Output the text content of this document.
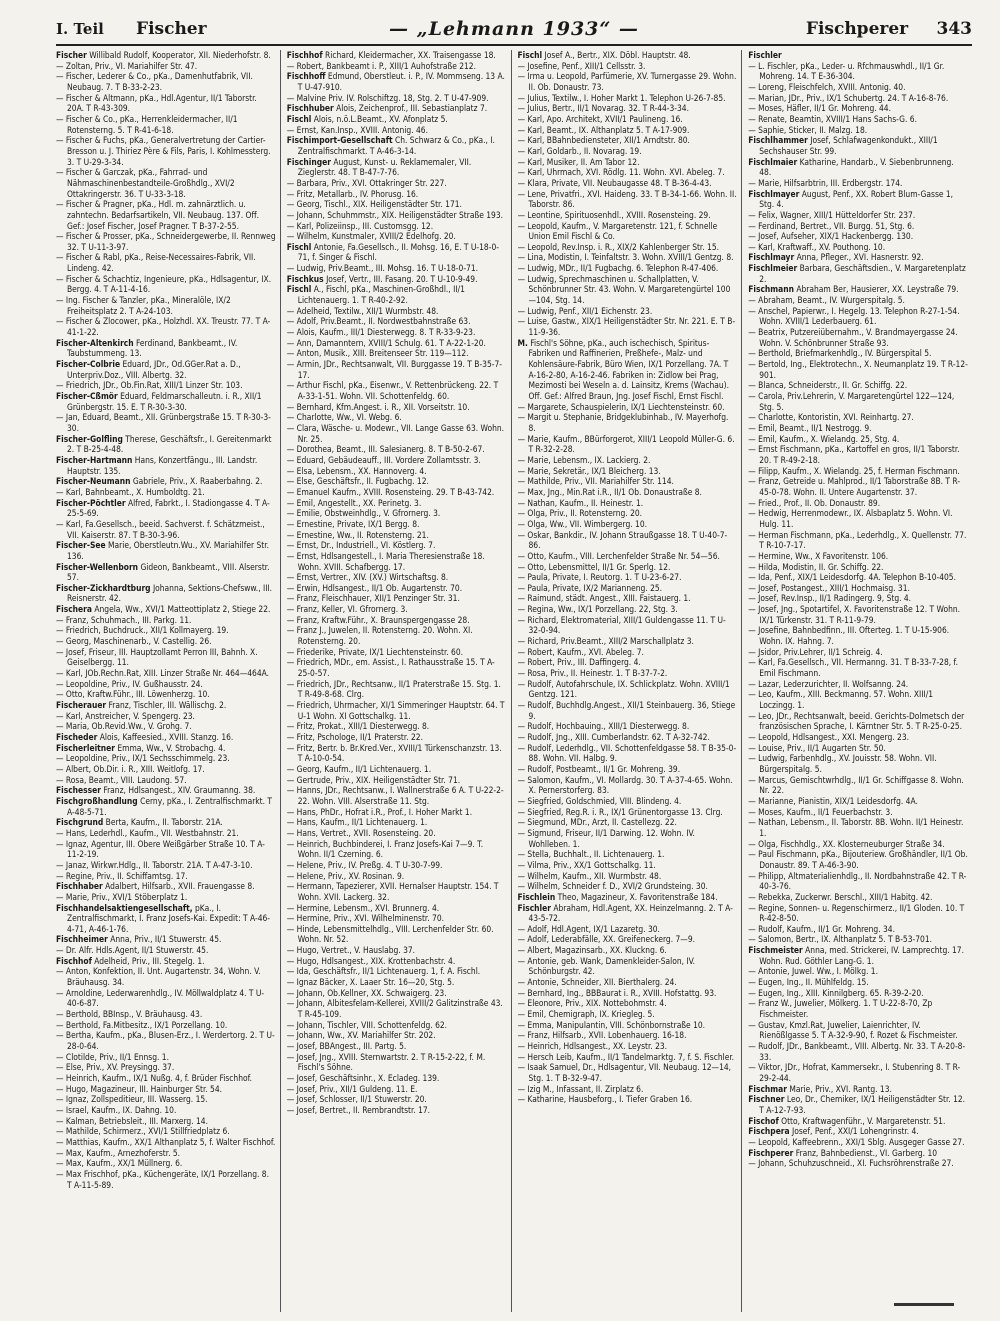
I. Teil	Fischer	— „Lehmann 1933“ —	Fischperer	343

Fischer Willibald Rudolf, Kooperator, XII. Niederhofstr. 8.

— Zoltan, Priv., VI. Mariahilfer Str. 47.

— Fischer, Lederer & Co., pKa., Damenhutfabrik, VII. Neubaug. 7. T B-33-2-23.

— Fischer & Altmann, pKa., Hdl.Agentur, II/1 Taborstr. 20A. T R-43-309.

— Fischer & Co., pKa., Herrenkleidermacher, II/1 Rotensterng. 5. T R-41-6-18.

— Fischer & Fuchs, pKa., Generalvertretung der Cartier-Bresson u. J. Thiriez Père & Fils, Paris, I. Kohlmessterg. 3. T U-29-3-34.

— Fischer & Garczak, pKa., Fahrrad- und Nähmaschinenbestandteile-Großhdlg., XVI/2 Ottakringerstr. 36. T U-33-3-18.

— Fischer & Pragner, pKa., Hdl. m. zahnärztlich. u. zahntechn. Bedarfsartikeln, VII. Neubaug. 137. Off. Gef.: Josef Fischer, Josef Pragner. T B-37-2-55.

— Fischer & Prosser, pKa., Schneidergewerbe, II. Rennweg 32. T U-11-3-97.

— Fischer & Rabl, pKa., Reise-Necessaires-Fabrik, VII. Lindeng. 42.

— Fischer & Schachtiz, Ingenieure, pKa., Hdlsagentur, IX. Bergg. 4. T A-11-4-16.

— Ing. Fischer & Tanzler, pKa., Mineralöle, IX/2 Freiheitsplatz 2. T A-24-103.

— Fischer & Zlocower, pKa., Holzhdl. XX. Treustr. 77. T A-41-1-22.

Fischer-Altenkirch Ferdinand, Bankbeamt., IV. Taubstummeng. 13.

Fischer-Colbrie Eduard, JDr., Od.GGer.Rat a. D., Unterpriv.Doz., VIII. Albertg. 32.

— Friedrich, JDr., Ob.Fin.Rat, XIII/1 Linzer Str. 103.

Fischer-Cßmör Eduard, Feldmarschalleutn. i. R., XII/1 Grünbergstr. 15. E. T R-30-3-30.

— Jan, Eduard, Beamt., XII. Grünbergstraße 15. T R-30-3-30.

Fischer-Golfling Therese, Geschäftsfr., I. Gereitenmarkt 2. T B-25-4-48.

Fischer-Hartmann Hans, Konzertfängu., III. Landstr. Hauptstr. 135.

Fischer-Neumann Gabriele, Priv., X. Raaberbahng. 2.

— Karl, Bahnbeamt., X. Humboldtg. 21.

Fischer-Pöchtler Alfred, Fabrkt., I. Stadiongasse 4. T A-25-5-69.

— Karl, Fa.Gesellsch., beeid. Sachverst. f. Schätzmeist., VII. Kaiserstr. 87. T B-30-3-96.

Fischer-See Marie, Oberstleutn.Wu., XV. Mariahilfer Str. 136.

Fischer-Wellenborn Gideon, Bankbeamt., VIII. Alserstr. 57.

Fischer-Zickhardtburg Johanna, Sektions-Chefsww., III. Reisnerstr. 42.

Fischera Angela, Ww., XVI/1 Matteottiplatz 2, Stiege 22.

— Franz, Schuhmach., III. Parkg. 11.

— Friedrich, Buchdruck., XII/1 Kollmayerg. 19.

— Georg, Maschinenarb., V. Castellig. 26.

— Josef, Friseur, III. Hauptzollamt Perron III, Bahnh. X. Geiselbergg. 11.

— Karl, JOb.Rechn.Rat, XIII. Linzer Straße Nr. 464—464A.

— Leopoldine, Priv., IV. Gußhausstr. 24.

— Otto, Kraftw.Führ., III. Löwenherzg. 10.

Fischerauer Franz, Tischler, III. Wällischg. 2.

— Karl, Anstreicher, V. Spengerg. 23.

— Maria, Ob.Revid.Ww., V. Grohg. 7.

Fischeder Alois, Kaffeesied., XVIII. Stanzg. 16.

Fischerleitner Emma, Ww., V. Strobachg. 4.

— Leopoldine, Priv., IX/1 Sechsschimmelg. 23.

— Albert, Ob.Dir. i. R., XIII. Weitlofg. 17.

— Rosa, Beamt., VIII. Laudong. 57.

Fischesser Franz, Hdlsangest., XIV. Graumanng. 38.

Fischgroßhandlung Cerny, pKa., I. Zentralfischmarkt. T A-48-5-71.

Fischgrund Berta, Kaufm., II. Taborstr. 21A.

— Hans, Lederhdl., Kaufm., VII. Westbahnstr. 21.

— Ignaz, Agentur, III. Obere Weißgärber Straße 10. T A-11-2-19.

— Janaz, Wirkwr.Hdlg., II. Taborstr. 21A. T A-47-3-10.

— Regine, Priv., II. Schiffamtsg. 17.

Fischhaber Adalbert, Hilfsarb., XVII. Frauengasse 8.

— Marie, Priv., XVI/1 Stöberplatz 1.

Fischhandelsaktiengesellschaft, pKa., I. Zentralfischmarkt, I. Franz Josefs-Kai. Expedit: T A-46-4-71, A-46-1-76.

Fischheimer Anna, Priv., II/1 Stuwerstr. 45.

— Dr. Alfr. Hdls.Agent, II/1 Stuwerstr. 45.

Fischhof Adelheid, Priv., III. Stegelg. 1.

— Anton, Konfektion, II. Unt. Augartenstr. 34, Wohn. V. Bräuhausg. 34.

— Arnoldine, Lederwarenhdlg., IV. Möllwaldplatz 4. T U-40-6-87.

— Berthold, BBInsp., V. Bräuhausg. 43.

— Berthold, Fa.Mitbesitz., IX/1 Porzellang. 10.

— Bertha, Kaufm., pKa., Blusen-Erz., I. Werdertorg. 2. T U-28-0-64.

— Clotilde, Priv., II/1 Ennsg. 1.

— Else, Priv., XV. Preysingg. 37.

— Heinrich, Kaufm., IX/1 Nußg. 4, f. Brüder Fischhof.

— Hugo, Magazineur, III. Hainburger Str. 54.

— Ignaz, Zollspeditieur, III. Wasserg. 15.

— Israel, Kaufm., IX. Dahng. 10.

— Kalman, Betriebsleit., III. Marxerg. 14.

— Mathilde, Schirmerz., XVI/1 Stillfriedplatz 6.

— Matthias, Kaufm., XX/1 Althanplatz 5, f. Walter Fischhof.

— Max, Kaufm., Arnezhoferstr. 5.

— Max, Kaufm., XX/1 Müllnerg. 6.

— Max Frischhof, pKa., Küchengeräte, IX/1 Porzellang. 8. T A-11-5-89.

Fischhof Richard, Kleidermacher, XX. Traisengasse 18.

— Robert, Bankbeamt i. P., XIII/1 Auhofstraße 212.

Fischhoff Edmund, Oberstleut. i. P., IV. Mommseng. 13 A. T U-47-910.

— Malvine Priv. IV. Rolschiftzg. 18, Stg. 2. T U-47-909.

Fischhuber Alois, Zeichenprof., III. Sebastianplatz 7.

Fischl Alois, n.ö.L.Beamt., XV. Afonplatz 5.

— Ernst, Kan.Insp., XVIII. Antonig. 46.

Fischimport-Gesellschaft Ch. Schwarz & Co., pKa., I. Zentralfischmarkt. T A-46-3-14.

Fischinger August, Kunst- u. Reklamemaler, VII. Zieglerstr. 48. T B-47-7-76.

— Barbara, Priv., XVI. Ottakringer Str. 227.

— Fritz, Metallarb., IV. Phorusg. 16.

— Georg, Tischl., XIX. Heiligenstädter Str. 171.

— Johann, Schuhmmstr., XIX. Heiligenstädter Straße 193.

— Karl, Polizeiinsp., III. Customsgg. 12.

— Wilhelm, Kunstmaler, XVIII/2 Edelhofg. 20.

Fischl Antonie, Fa.Gesellsch., II. Mohsg. 16, E. T U-18-0-71, f. Singer & Fischl.

— Ludwig, Priv.Beamt., III. Mohsg. 16. T U-18-0-71.

Fischkus Josef, Vertr., III. Fasang. 20. T U-10-9-49.

Fischl A., Fischl, pKa., Maschinen-Großhdl., II/1 Lichtenauerg. 1. T R-40-2-92.

— Adelheid, Textilw., XII/1 Wurmbstr. 48.

— Adolf, Priv.Beamt., II. Nordwestbahnstraße 63.

— Alois, Kaufm., III/1 Diesterwegg. 8. T R-33-9-23.

— Ann, Damanntern, XVIII/1 Schulg. 61. T A-22-1-20.

— Anton, Musik., XIII. Breitenseer Str. 119—112.

— Armin, JDr., Rechtsanwalt, VII. Burggasse 19. T B-35-7-17.

— Arthur Fischl, pKa., Eisenwr., V. Rettenbrückeng. 22. T A-33-1-51. Wohn. VII. Schottenfeldg. 60.

— Bernhard, Kfm.Angest. i. R., XII. Vorseitstr. 10.

— Charlotte, Ww., VI. Webg. 6.

— Clara, Wäsche- u. Modewr., VII. Lange Gasse 63. Wohn. Nr. 25.

— Dorothea, Beamt., III. Salesianerg. 8. T B-50-2-67.

— Eduard, Gebäudeauff., III. Vordere Zollamtsstr. 3.

— Elsa, Lebensm., XX. Hannoverg. 4.

— Else, Geschäftsfr., II. Fugbachg. 12.

— Emanuel Kaufm., XVIII. Rosensteing. 29. T B-43-742.

— Emil, Angestellt., XX. Perinetg. 3.

— Emilie, Obstweinhdlg., V. Gfrornerg. 3.

— Ernestine, Private, IX/1 Bergg. 8.

— Ernestine, Ww., II. Rotensterng. 21.

— Ernst, Dr., Industriell., VI. Köstlerg. 7.

— Ernst, Hdlsangestell., I. Maria Theresienstraße 18. Wohn. XVIII. Schafbergg. 17.

— Ernst, Vertrer., XIV. (XV.) Wirtschaftsg. 8.

— Erwin, Hdlsangest., II/1 Ob. Augartenstr. 70.

— Franz, Fleischhauer, XII/1 Penzinger Str. 31.

— Franz, Keller, VI. Gfrornerg. 3.

— Franz, Kraftw.Führ., X. Braunspergengasse 28.

— Franz J., Juwelen, II. Rotensterng. 20. Wohn. XI. Rotensterng. 20.

— Friederike, Private, IX/1 Liechtensteinstr. 60.

— Friedrich, MDr., em. Assist., I. Rathausstraße 15. T A-25-0-57.

— Friedrich, JDr., Rechtsanw., II/1 Praterstraße 15. Stg. 1. T R-49-8-68. Clrg.

— Friedrich, Uhrmacher, XI/1 Simmeringer Hauptstr. 64. T U-1 Wohn. XI Gottschalkg. 11.

— Fritz, Prokat., XIII/1 Diesterwegg. 8.

— Fritz, Pschologe, II/1 Praterstr. 22.

— Fritz, Bertr. b. Br.Kred.Ver., XVIII/1 Türkenschanzstr. 13. T A-10-0-54.

— Georg, Kaufm., II/1 Lichtenauerg. 1.

— Gertrude, Priv., XIX. Heiligenstädter Str. 71.

— Hanns, JDr., Rechtsanw., I. Wallnerstraße 6 A. T U-22-2-22. Wohn. VIII. Alserstraße 11. Stg.

— Hans, PhDr., Hofrat i.R., Prof., I. Hoher Markt 1.

— Hans, Kaufm., II/1 Lichtenauerg. 1.

— Hans, Vertret., XVII. Rosensteing. 20.

— Heinrich, Buchbinderei, I. Franz Josefs-Kai 7—9. T. Wohn. II/1 Czerning. 6.

— Helene, Priv., IV. Preßg. 4. T U-30-7-99.

— Helene, Priv., XV. Rosinan. 9.

— Hermann, Tapezierer, XVII. Hernalser Hauptstr. 154. T Wohn. XVII. Lackerg. 32.

— Hermine, Lebensm., XVI. Brunnerg. 4.

— Hermine, Priv., XVI. Wilhelminenstr. 70.

— Hinde, Lebensmittelhdlg., VIII. Lerchenfelder Str. 60. Wohn. Nr. 52.

— Hugo, Vertret., V. Hauslabg. 37.

— Hugo, Hdlsangest., XIX. Krottenbachstr. 4.

— Ida, Geschäftsfr., II/1 Lichtenauerg. 1, f. A. Fischl.

— Ignaz Bäcker, X. Laaer Str. 16—20, Stg. 5.

— Johann, Ob.Kellner, XX. Schwaigerg. 23.

— Johann, Albitesfelam-Kellerei, XVIII/2 Galitzinstraße 43. T R-45-109.

— Johann, Tischler, VIII. Schottenfeldg. 62.

— Johann, Ww., XV. Mariahilfer Str. 202.

— Josef, BBAngest., III. Partg. 5.

— Josef, Jng., XVIII. Sternwartstr. 2. T R-15-2-22, f. M. Fischl's Söhne.

— Josef, Geschäftsinhr., X. Ecladeg. 139.

— Josef, Priv., XII/1 Guldeng. 11. E.

— Josef, Schlosser, II/1 Stuwerstr. 20.

— Josef, Bertret., II. Rembrandtstr. 17.

Fischl Josef A., Bertr., XIX. Döbl. Hauptstr. 48.

— Josefine, Penf., XIII/1 Cellsstr. 3.

— Irma u. Leopold, Parfümerie, XV. Turnergasse 29. Wohn. II. Ob. Donaustr. 73.

— Julius, Textilw., I. Hoher Markt 1. Telephon U-26-7-85.

— Julius, Bertr., II/1 Novarag. 32. T R-44-3-34.

— Karl, Apo. Architekt, XVII/1 Paulineng. 16.

— Karl, Beamt., IX. Althanplatz 5. T A-17-909.

— Karl, BBahnbediensteter, XII/1 Arndtstr. 80.

— Karl, Goldarb., II. Novarag. 19.

— Karl, Musiker, II. Am Tabor 12.

— Karl, Uhrmach, XVI. Rödlg. 11. Wohn. XVI. Abeleg. 7.

— Klara, Private, VII. Neubaugasse 48. T B-36-4-43.

— Lene, Privatfri., XVI. Haideng. 33. T B-34-1-66. Wohn. II. Taborstr. 86.

— Leontine, Spirituosenhdl., XVIII. Rosensteing. 29.

— Leopold, Kaufm., V. Margaretenstr. 121, f. Schnelle Union Emil Fischl & Co.

— Leopold, Rev.Insp. i. R., XIX/2 Kahlenberger Str. 15.

— Lina, Modistin, I. Teinfaltstr. 3. Wohn. XVIII/1 Gentzg. 8.

— Ludwig, MDr., II/1 Fugbachg. 6. Telephon R-47-406.

— Ludwig, Sprechmaschinen u. Schallplatten, V. Schönbrunner Str. 43. Wohn. V. Margaretengürtel 100—104, Stg. 14.

— Ludwig, Penf., XII/1 Eichenstr. 23.

— Luise, Gastw., XIX/1 Heiligenstädter Str. Nr. 221. E. T B-11-9-36.

M. Fischl's Söhne, pKa., auch ischechisch, Spiritus-Fabriken und Raffinerien, Preßhefe-, Malz- und Kohlensäure-Fabrik, Büro Wien, IX/1 Porzellang. 7A. T A-16-2-80, A-16-2-46. Fabriken in: Zidlow bei Prag, Mezimosti bei Weseln a. d. Lainsitz, Krems (Wachau). Off. Gef.: Alfred Braun, Jng. Josef Fischl, Ernst Fischl.

— Margarete, Schauspielerin, IX/1 Liechtensteinstr. 60.

— Margit u. Stephanie, Bridgeklubinhab., IV. Mayerhofg. 8.

— Marie, Kaufm., BBürforgerot, XIII/1 Leopold Müller-G. 6. T R-32-2-28.

— Marie, Lebensm., IX. Lackierg. 2.

— Marie, Sekretär., IX/1 Bleicherg. 13.

— Mathilde, Priv., VII. Mariahilfer Str. 114.

— Max, Jng., Min.Rat i.R., II/1 Ob. Donaustraße 8.

— Nathan, Kaufm., II. Heinestr. 1.

— Olga, Priv., II. Rotensterng. 20.

— Olga, Ww., VII. Wimbergerg. 10.

— Oskar, Bankdir., IV. Johann Straußgasse 18. T U-40-7-86.

— Otto, Kaufm., VIII. Lerchenfelder Straße Nr. 54—56.

— Otto, Lebensmittel, II/1 Gr. Sperlg. 12.

— Paula, Private, I. Reutorg. 1. T U-23-6-27.

— Paula, Private, IX/2 Marianneng. 25.

— Raimund, städt. Angest., XIII. Faistauerg. 1.

— Regina, Ww., IX/1 Porzellang. 22, Stg. 3.

— Richard, Elektromaterial, XIII/1 Guldengasse 11. T U-32-0-94.

— Richard, Priv.Beamt., XIII/2 Marschallplatz 3.

— Robert, Kaufm., XVI. Abeleg. 7.

— Robert, Priv., III. Daffingerg. 4.

— Rosa, Priv., II. Heinestr. 1. T B-37-7-2.

— Rudolf, Autofahrschule, IX. Schlickplatz. Wohn. XVIII/1 Gentzg. 121.

— Rudolf, Buchhdlg.Angest., XII/1 Steinbauerg. 36, Stiege 9.

— Rudolf, Hochbauing., XIII/1 Diesterwegg. 8.

— Rudolf, Jng., XIII. Cumberlandstr. 62. T A-32-742.

— Rudolf, Lederhdlg., VII. Schottenfeldgasse 58. T B-35-0-88. Wohn. VII. Halbg. 9.

— Rudolf, Postbeamt., II/1 Gr. Mohreng. 39.

— Salomon, Kaufm., VI. Mollardg. 30. T A-37-4-65. Wohn. X. Pernerstorferg. 83.

— Siegfried, Goldschmied, VIII. Blindeng. 4.

— Siegfried, Reg.R. i. R., IX/1 Grünentorgasse 13. Clrg.

— Siegmund, MDr., Arzt, II. Castellezg. 22.

— Sigmund, Friseur, II/1 Darwing. 12. Wohn. IV. Wohlleben. 1.

— Stella, Buchhalt., II. Lichtenauerg. 1.

— Vilma, Priv., XX/1 Gottschalkg. 11.

— Wilhelm, Kaufm., XII. Wurmbstr. 48.

— Wilhelm, Schneider f. D., XVI/2 Grundsteing. 30.

Fischlein Theo, Magazineur, X. Favoritenstraße 184.

Fischler Abraham, Hdl.Agent, XX. Heinzelmanng. 2. T A-43-5-72.

— Adolf, Hdl.Agent, IX/1 Lazaretg. 30.

— Adolf, Lederabfälle, XX. Greifeneckerg. 7—9.

— Albert, Magazinsarb., XX. Kluckng. 6.

— Antonie, geb. Wank, Damenkleider-Salon, IV. Schönburgstr. 42.

— Antonie, Schneider, XII. Bierthalerg. 24.

— Bernhard, Ing., BBBaurat i. R., XVIII. Hofstattg. 93.

— Eleonore, Priv., XIX. Nottebohmstr. 4.

— Emil, Chemigraph, IX. Kriegleg. 5.

— Emma, Manipulantin, VIII. Schönbornstraße 10.

— Franz, Hilfsarb., XVII. Lobenhauerg. 16-18.

— Heinrich, Hdlsangest., XX. Leystr. 23.

— Hersch Leib, Kaufm., II/1 Tandelmarktg. 7, f. S. Fischler.

— Isaak Samuel, Dr., Hdlsagentur, VII. Neubaug. 12—14, Stg. 1. T B-32-9-47.

— Izig M., Infassant, II. Zirplatz 6.

— Katharine, Hausbeforg., I. Tiefer Graben 16.

Fischler

— L. Fischler, pKa., Leder- u. Rfchmauswhdl., II/1 Gr. Mohreng. 14. T E-36-304.

— Loreng, Fleischfelch, XVIII. Antonig. 40.

— Marian, JDr., Priv., IX/1 Schubertg. 24. T A-16-8-76.

— Moses, Häfler, II/1 Gr. Mohreng. 44.

— Renate, Beamtin, XVIII/1 Hans Sachs-G. 6.

— Saphie, Sticker, II. Malzg. 18.

Fischlhammer Josef, Schlafwagenkondukt., XIII/1 Sechshauser Str. 99.

Fischlmaier Katharine, Handarb., V. Siebenbrunneng. 48.

— Marie, Hilfsarbtrin, III. Erdbergstr. 174.

Fischlmayer August, Penf., XX. Robert Blum-Gasse 1, Stg. 4.

— Felix, Wagner, XIII/1 Hütteldorfer Str. 237.

— Ferdinand, Bertret., VII. Burgg. 51, Stg. 6.

— Josef, Aufseher, XIX/1 Hackenbergg. 130.

— Karl, Kraftwaff., XV. Pouthong. 10.

Fischlmayr Anna, Pfleger., XVI. Hasnerstr. 92.

Fischlmeier Barbara, Geschäftsdien., V. Margaretenplatz 2.

Fischmann Abraham Ber, Hausierer, XX. Leystraße 79.

— Abraham, Beamt., IV. Wurgerspitalg. 5.

— Anschel, Papierwr., I. Hegelg. 13. Telephon R-27-1-54. Wohn. XVIII/1 Lederbauerg. 61.

— Beatrix, Putzereiübernahm., V. Brandmayergasse 24. Wohn. V. Schönbrunner Straße 93.

— Berthold, Briefmarkenhdlg., IV. Bürgerspital 5.

— Bertold, Ing., Elektrotechn., X. Neumanplatz 19. T R-12-901.

— Blanca, Schneiderstr., II. Gr. Schiffg. 22.

— Carola, Priv.Lehrerin, V. Margaretengürtel 122—124, Stg. 5.

— Charlotte, Kontoristin, XVI. Reinhartg. 27.

— Emil, Beamt., II/1 Nestrogg. 9.

— Emil, Kaufm., X. Wielandg. 25, Stg. 4.

— Ernst Fischmann, pKa., Kartoffel en gros, II/1 Taborstr. 20. T R-49-2-18.

— Filipp, Kaufm., X. Wielandg. 25, f. Herman Fischmann.

— Franz, Getreide u. Mahlprod., II/1 Taborstraße 8B. T R-45-0-78. Wohn. II. Untere Augartenstr. 37.

— Fried., Prof., II. Ob. Donaustr. 89.

— Hedwig, Herrenmodewr., IX. Alsbaplatz 5. Wohn. VI. Hulg. 11.

— Herman Fischmann, pKa., Lederhdlg., X. Quellenstr. 77. T R-10-7-17.

— Hermine, Ww., X Favoritenstr. 106.

— Hilda, Modistin, II. Gr. Schiffg. 22.

— Ida, Penf., XIX/1 Leidesdorfg. 4A. Telephon B-10-405.

— Josef, Postangest., XIII/1 Hochmaisg. 31.

— Josef, Rev.Insp., II/1 Radingerg. 9, Stg. 4.

— Josef, Jng., Spotartifel, X. Favoritenstraße 12. T Wohn. IX/1 Türkenstr. 31. T R-11-9-79.

— Josefine, Bahnbedfinn., III. Ofterteg. 1. T U-15-906. Wohn. IX. Hahng. 7.

— Jsidor, Priv.Lehrer, II/1 Schreig. 4.

— Karl, Fa.Gesellsch., VII. Hermanng. 31. T B-33-7-28, f. Emil Fischmann.

— Lazar, Lederzurichter, II. Wolfsanng. 24.

— Leo, Kaufm., XIII. Beckmanng. 57. Wohn. XIII/1 Loczingg. 1.

— Leo, JDr., Rechtsanwalt, beeid. Gerichts-Dolmetsch der französischen Sprache, I. Kärntner Str. 5. T R-25-0-25.

— Leopold, Hdlsangest., XXI. Mengerg. 23.

— Louise, Priv., II/1 Augarten Str. 50.

— Ludwig, Farbenhdlg., XV. Jouisstr. 58. Wohn. VII. Bürgerspitalg. 5.

— Marcus, Gemischtwrhdlg., II/1 Gr. Schiffgasse 8. Wohn. Nr. 22.

— Marianne, Pianistin, XIX/1 Leidesdorfg. 4A.

— Moses, Kaufm., II/1 Feuerbachstr. 3.

— Nathan, Lebensm., II. Taborstr. 8B. Wohn. II/1 Heinestr. 1.

— Olga, Fischhdlg., XX. Klosterneuburger Straße 34.

— Paul Fischmann, pKa., Bijouteriew. Großhändler, II/1 Ob. Donaustr. 89. T A-46-3-90.

— Philipp, Altmaterialienhdlg., II. Nordbahnstraße 42. T R-40-3-76.

— Rebekka, Zuckerwr. Berschl., XIII/1 Habitg. 42.

— Regine, Sonnen- u. Regenschirmerz., II/1 Gloden. 10. T R-42-8-50.

— Rudolf, Kaufm., II/1 Gr. Mohreng. 34.

— Salomon, Bertr., IX. Althanplatz 5. T B-53-701.

Fischmeister Anna, med. Strickerei, IV. Lamprechtg. 17. Wohn. Rud. Göthler Lang-G. 1.

— Antonie, Juwel. Ww., I. Mölkg. 1.

— Eugen, Ing., II. Mühlfeldg. 15.

— Eugen, Ing., XIII. Kinnilgberg. 65. R-39-2-20.

— Franz W., Juwelier, Mölkerg. 1. T U-22-8-70, Zp Fischmeister.

— Gustav, Kmzl.Rat, Juwelier, Laienrichter, IV. Rienößlgasse 5. T A-32-9-90, f. Rozet & Fischmeister.

— Rudolf, JDr., Bankbeamt., VIII. Albertg. Nr. 33. T A-20-8-33.

— Viktor, JDr., Hofrat, Kammersekr., I. Stubenring 8. T R-29-2-44.

Fischmar Marie, Priv., XVI. Rantg. 13.

Fischner Leo, Dr., Chemiker, IX/1 Heiligenstädter Str. 12. T A-12-7-93.

Fischof Otto, Kraftwagenführ., V. Margaretenstr. 51.

Fischpera Josef, Penf., XXI/1 Lohengrinstr. 4.

— Leopold, Kaffeebrenn., XXI/1 Sblg. Ausgeger Gasse 27.

Fischperer Franz, Bahnbedienst., VI. Garberg. 10

— Johann, Schuhzuschneid., XI. Fuchsröhrenstraße 27.
